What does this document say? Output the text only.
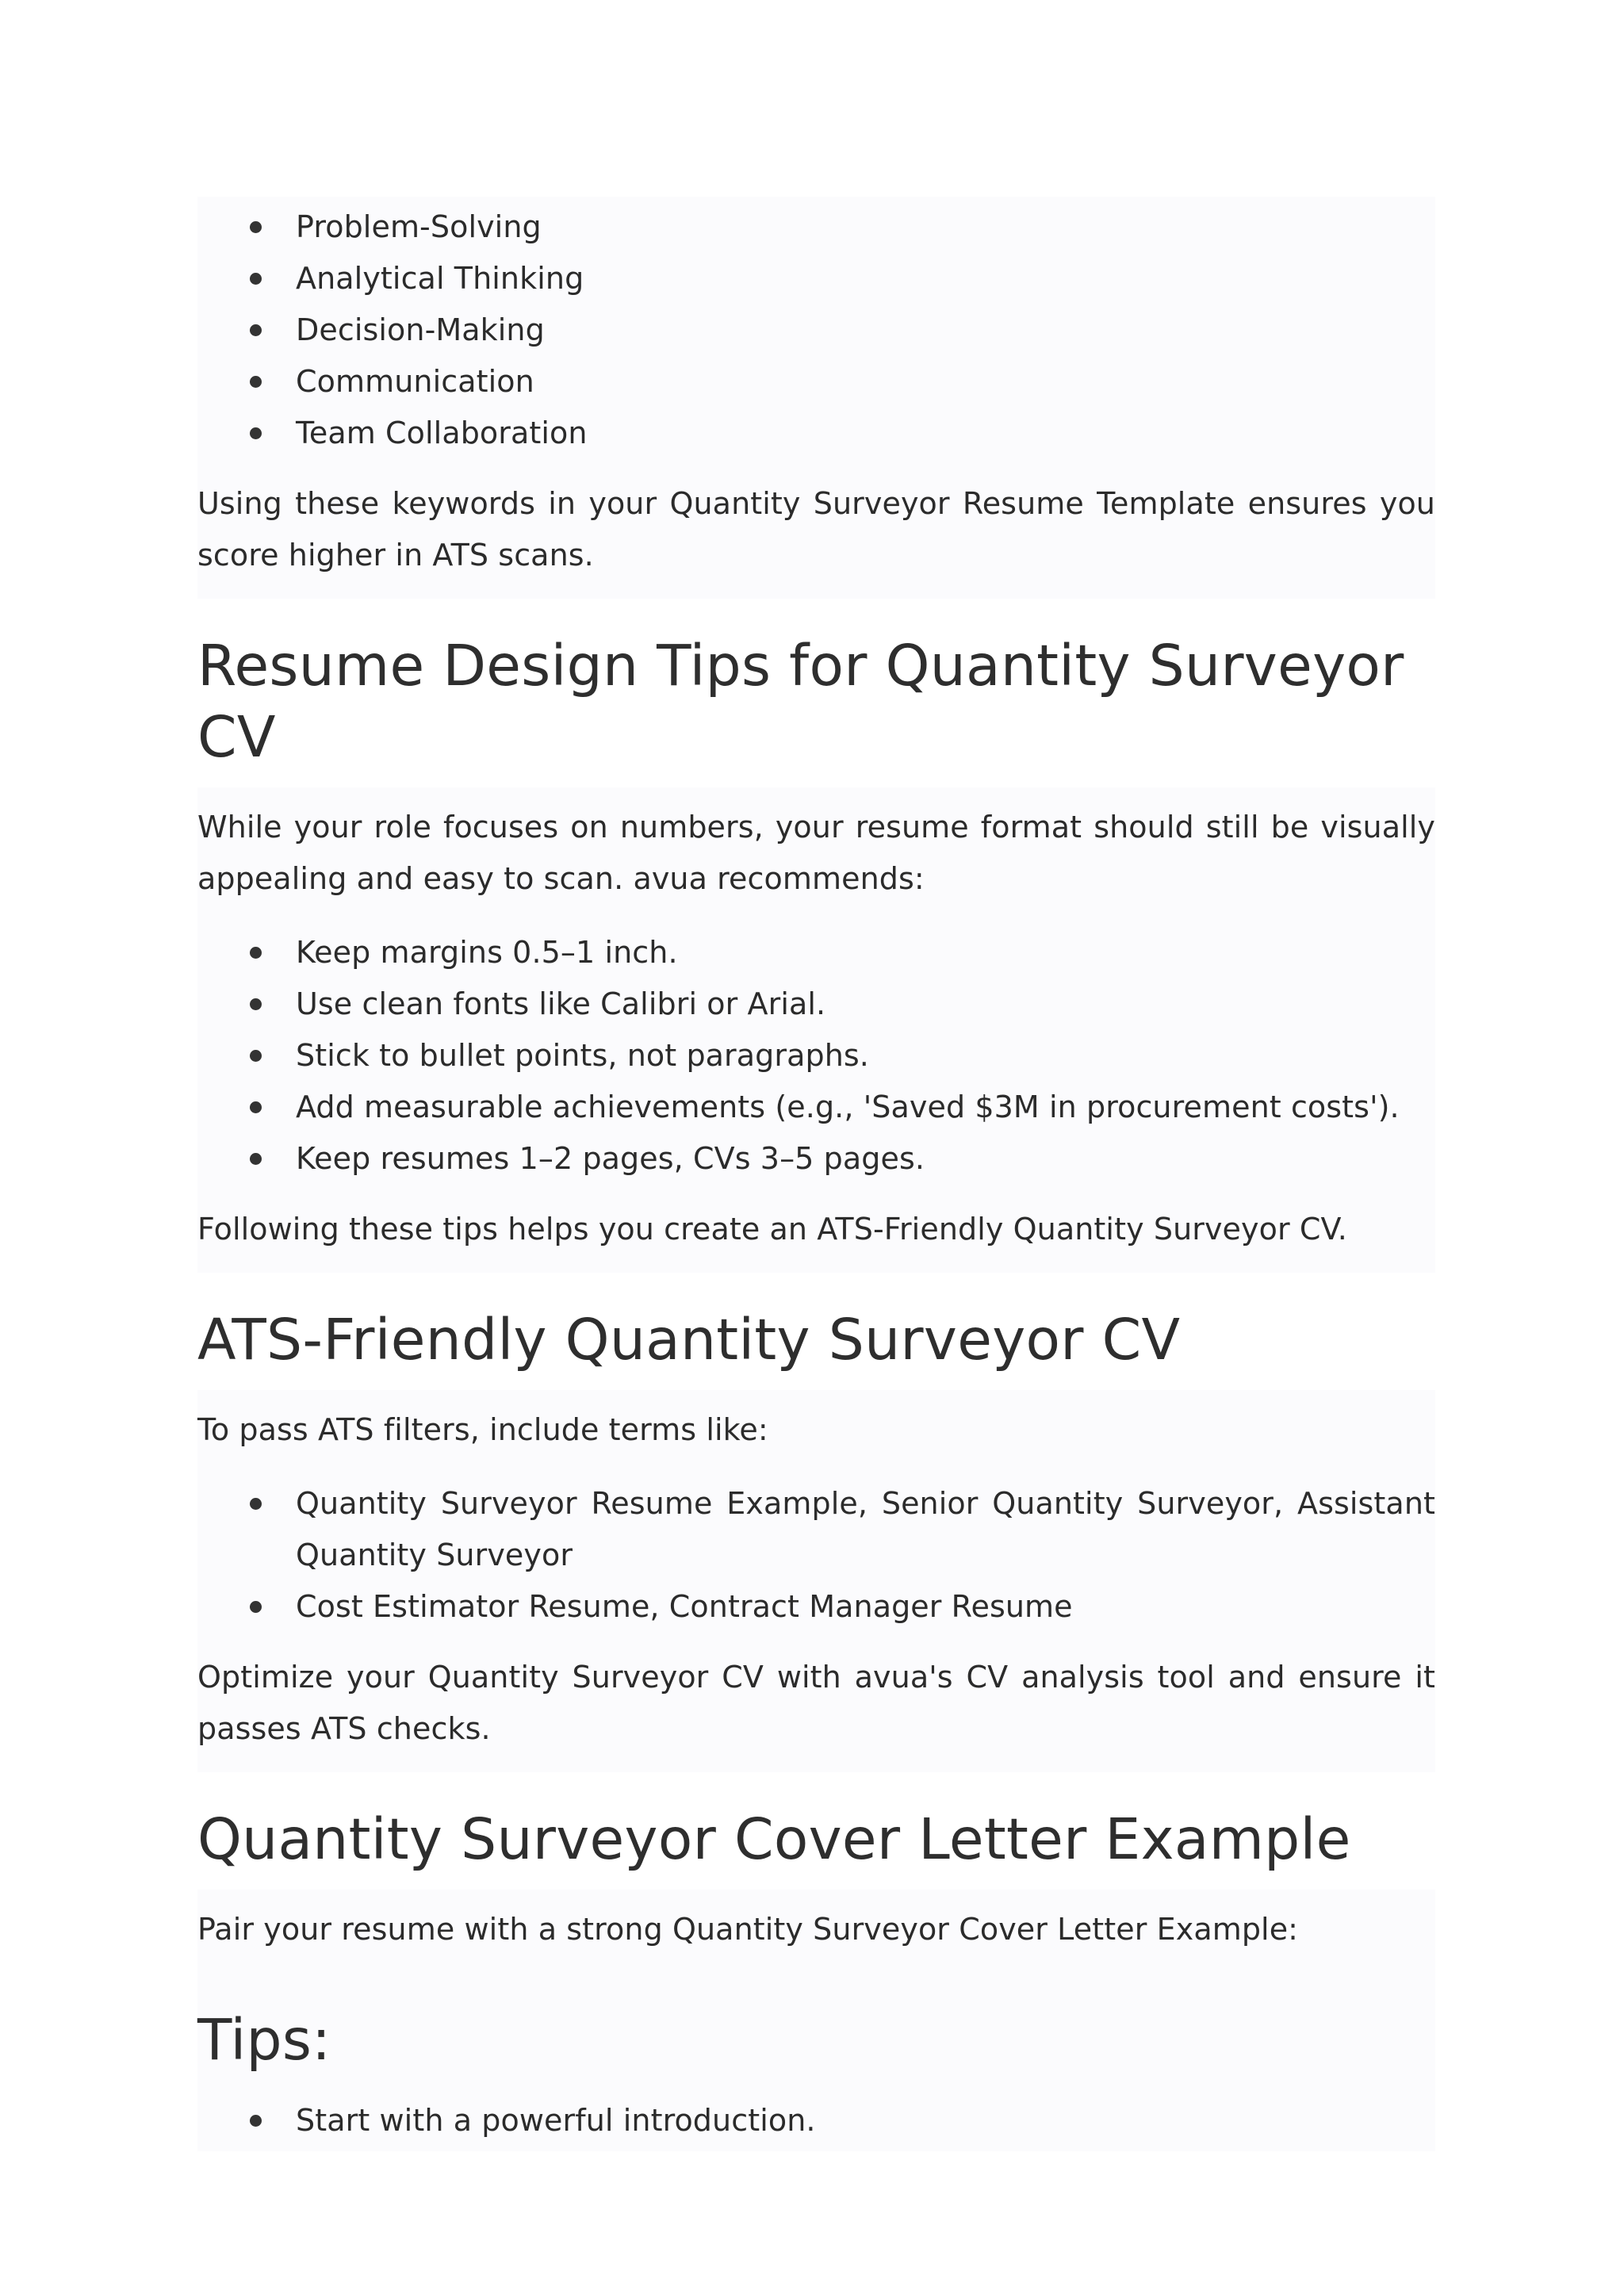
Problem-Solving
Analytical Thinking
Decision-Making
Communication
Team Collaboration

Using these keywords in your Quantity Surveyor Resume Template ensures you score higher in ATS scans.

Resume Design Tips for Quantity Surveyor CV

While your role focuses on numbers, your resume format should still be visually appealing and easy to scan. avua recommends:

Keep margins 0.5–1 inch.
Use clean fonts like Calibri or Arial.
Stick to bullet points, not paragraphs.
Add measurable achievements (e.g., 'Saved $3M in procurement costs').
Keep resumes 1–2 pages, CVs 3–5 pages.

Following these tips helps you create an ATS-Friendly Quantity Surveyor CV.

ATS-Friendly Quantity Surveyor CV

To pass ATS filters, include terms like:

Quantity Surveyor Resume Example, Senior Quantity Surveyor, Assistant Quantity Surveyor
Cost Estimator Resume, Contract Manager Resume

Optimize your Quantity Surveyor CV with avua's CV analysis tool and ensure it passes ATS checks.

Quantity Surveyor Cover Letter Example

Pair your resume with a strong Quantity Surveyor Cover Letter Example:

Tips:
Start with a powerful introduction.
